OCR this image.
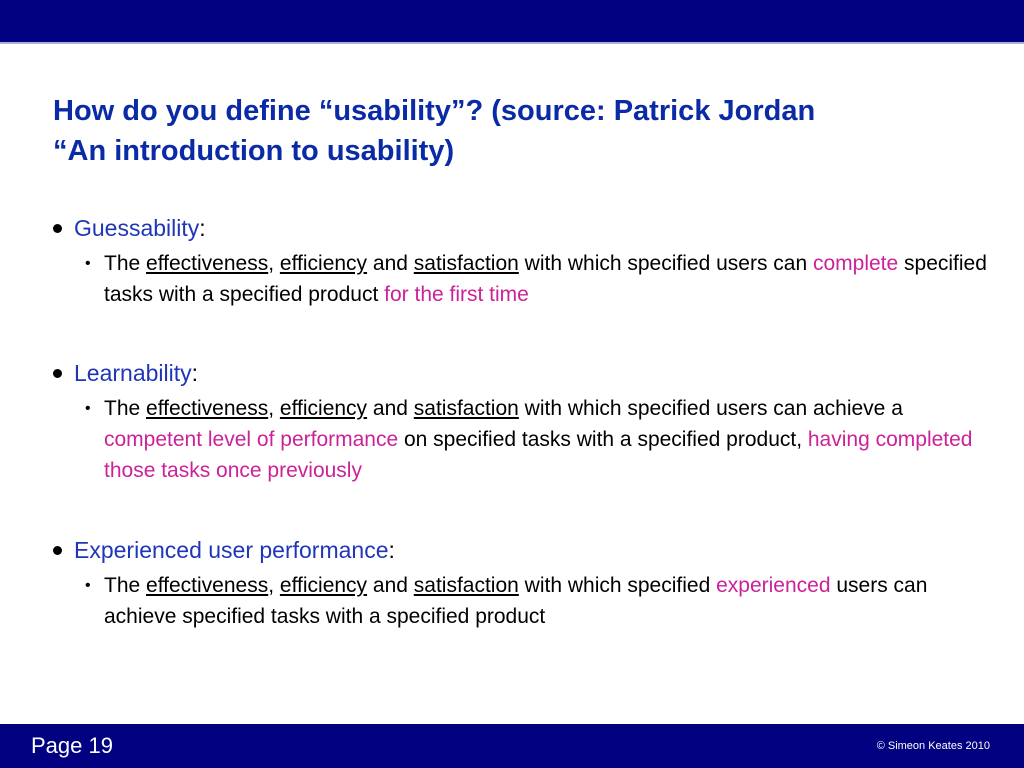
How do you define “usability”? (source: Patrick Jordan
“An introduction to usability)
Guessability:
• The effectiveness, efficiency and satisfaction with which specified users can complete specified tasks with a specified product for the first time
Learnability:
• The effectiveness, efficiency and satisfaction with which specified users can achieve a competent level of performance on specified tasks with a specified product, having completed those tasks once previously
Experienced user performance:
• The effectiveness, efficiency and satisfaction with which specified experienced users can achieve specified tasks with a specified product
Page 19	© Simeon Keates 2010
